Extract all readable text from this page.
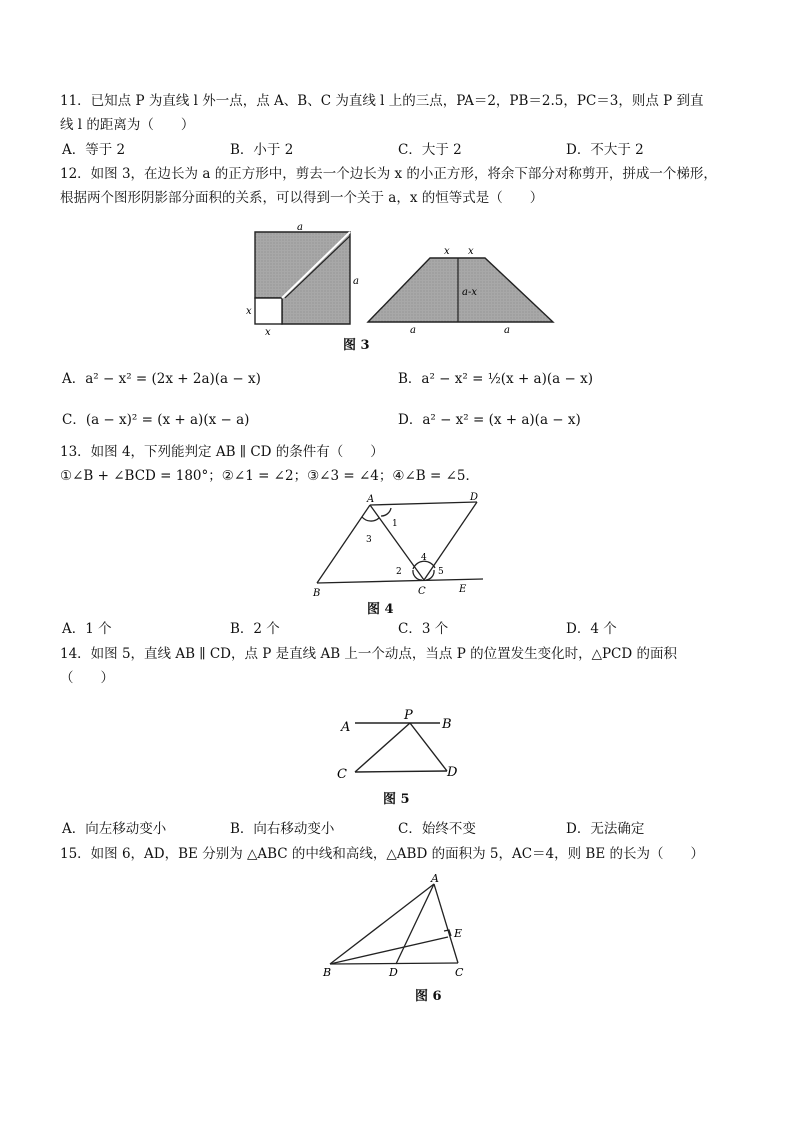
11．已知点 P 为直线 l 外一点，点 A、B、C 为直线 l 上的三点，PA＝2，PB＝2.5，PC＝3，则点 P 到直
线 l 的距离为（　　）
A．等于 2	B．小于 2	C．大于 2	D．不大于 2
12．如图 3，在边长为 a 的正方形中，剪去一个边长为 x 的小正方形，将余下部分对称剪开，拼成一个梯形，
根据两个图形阴影部分面积的关系，可以得到一个关于 a，x 的恒等式是（　　）
a
a
x
x
x x
a-x
a	a
图 3
A．a² − x² = (2x + 2a)(a − x)	B．a² − x² = ½(x + a)(a − x)
C．(a − x)² = (x + a)(x − a)	D．a² − x² = (x + a)(a − x)
13．如图 4，下列能判定 AB ∥ CD 的条件有（　　）
①∠B + ∠BCD = 180°；②∠1 = ∠2；③∠3 = ∠4；④∠B = ∠5．
A	D
B	C	E
1
3
4
2	5
图 4
A．1 个	B．2 个	C．3 个	D．4 个
14．如图 5，直线 AB ∥ CD，点 P 是直线 AB 上一个动点，当点 P 的位置发生变化时，△PCD 的面积
（　　）
A
P
B
C	D
图 5
A．向左移动变小	B．向右移动变小	C．始终不变	D．无法确定
15．如图 6，AD，BE 分别为 △ABC 的中线和高线，△ABD 的面积为 5，AC＝4，则 BE 的长为（　　）
A
E
B	D	C
图 6
